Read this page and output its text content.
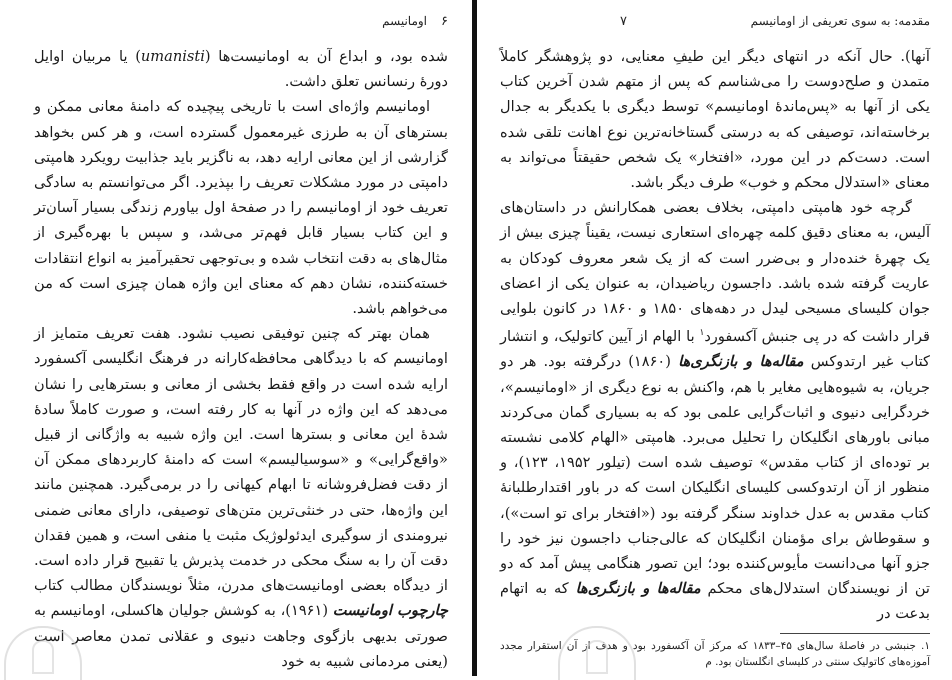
۶
اومانیسم

شده بود، و ابداع آن به اومانیست‌ها (umanisti) یا مربیان اوایل دورهٔ رنسانس تعلق داشت.

اومانیسم واژه‌ای است با تاریخی پیچیده که دامنهٔ معانی ممکن و بسترهای آن به طرزی غیرمعمول گسترده است، و هر کس بخواهد گزارشی از این معانی ارایه دهد، به ناگزیر باید جذابیت رویکرد هامپتی دامپتی در مورد مشکلات تعریف را بپذیرد. اگر می‌توانستم به سادگی تعریف خود از اومانیسم را در صفحهٔ اول بیاورم زندگی بسیار آسان‌تر و این کتاب بسیار قابل فهم‌تر می‌شد، و سپس با بهره‌گیری از مثال‌های به دقت انتخاب شده و بی‌توجهی تحقیرآمیز به انواع انتقادات خسته‌کننده، نشان دهم که معنای این واژه همان چیزی است که من می‌خواهم باشد.

همان بهتر که چنین توفیقی نصیب نشود. هفت تعریف متمایز از اومانیسم که با دیدگاهی محافظه‌کارانه در فرهنگ انگلیسی آکسفورد ارایه شده است در واقع فقط بخشی از معانی و بسترهایی را نشان می‌دهد که این واژه در آنها به کار رفته است، و صورت کاملاً سادهٔ شدهٔ این معانی و بسترها است. این واژه شبیه به واژگانی از قبیل «واقع‌گرایی» و «سوسیالیسم» است که دامنهٔ کاربردهای ممکن آن از دقت فضل‌فروشانه تا ابهام کیهانی را در برمی‌گیرد. همچنین مانند این واژه‌ها، حتی در خنثی‌ترین متن‌های توصیفی، دارای معانی ضمنی نیرومندی از سوگیری ایدئولوژیک مثبت یا منفی است، و همین فقدان دقت آن را به سنگ محکی در خدمت پذیرش یا تقبیح قرار داده است. از دیدگاه بعضی اومانیست‌های مدرن، مثلاً نویسندگان مطالب کتاب چارچوب اومانیست (۱۹۶۱)، به کوشش جولیان هاکسلی، اومانیسم به صورتی بدیهی بازگوی وجاهت دنیوی و عقلانی تمدن معاصر است (یعنی مردمانی شبیه به خود

مقدمه: به سوی تعریفی از اومانیسم
۷

آنها). حال آنکه در انتهای دیگر این طیفِ معنایی، دو پژوهشگر کاملاً متمدن و صلح‌دوست را می‌شناسم که پس از متهم شدن آخرین کتاب یکی از آنها به «پس‌ماندهٔ اومانیسم» توسط دیگری با یکدیگر به جدال برخاسته‌اند، توصیفی که به درستی گستاخانه‌ترین نوع اهانت تلقی شده است. دست‌کم در این مورد، «افتخار» یک شخص حقیقتاً می‌تواند به معنای «استدلال محکم و خوب» طرف دیگر باشد.

گرچه خود هامپتی دامپتی، بخلاف بعضی همکارانش در داستان‌های آلیس، به معنای دقیق کلمه چهره‌ای استعاری نیست، یقیناً چیزی بیش از یک چهرهٔ خنده‌دار و بی‌ضرر است که از یک شعر معروف کودکان به عاریت گرفته شده باشد. داجسون ریاضیدان، به عنوان یکی از اعضای جوان کلیسای مسیحی لیدل در دهه‌های ۱۸۵۰ و ۱۸۶۰ در کانون بلوایی قرار داشت که در پی جنبش آکسفورد$^۱$ با الهام از آیین کاتولیک، و انتشار کتاب غیر ارتدوکس مقاله‌ها و بازنگری‌ها (۱۸۶۰) درگرفته بود. هر دو جریان، به شیوه‌هایی مغایر با هم، واکنش به نوع دیگری از «اومانیسم»، خردگرایی دنیوی و اثبات‌گرایی علمی بود که به بسیاری گمان می‌کردند مبانی باورهای انگلیکان را تحلیل می‌برد. هامپتی «الهام کلامی نشسته بر توده‌ای از کتاب مقدس» توصیف شده است (تیلور ۱۹۵۲، ۱۲۳)، و منظور از آن ارتدوکسی کلیسای انگلیکان است که در باور اقتدارطلبانهٔ کتاب مقدس به عدل خداوند سنگر گرفته بود («افتخار برای تو است»)، و سقوطاش برای مؤمنان انگلیکان که عالی‌جناب داجسون نیز خود را جزو آنها می‌دانست مأیوس‌کننده بود؛ این تصور هنگامی پیش آمد که دو تن از نویسندگان استدلال‌های محکم مقاله‌ها و بازنگری‌ها که به اتهام بدعت در

۱. جنبشی در فاصلهٔ سال‌های ۴۵–۱۸۳۳ که مرکز آن آکسفورد بود و هدف از آن استقرار مجدد آموزه‌های کاتولیک سنتی در کلیسای انگلستان بود. م
